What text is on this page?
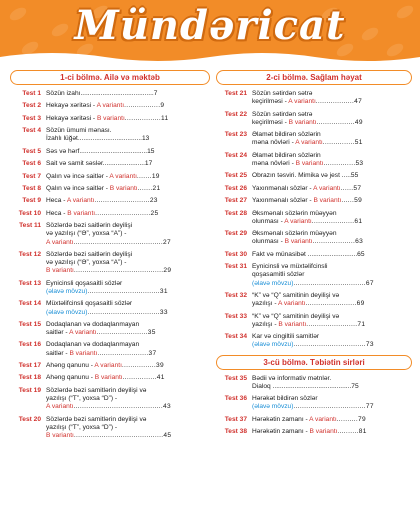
Mündəricat
1-ci bölmə. Ailə və məktəb
Test 1 Sözün izahı........................................7
Test 2 Hekayə xəritəsi - A variantı.................9
Test 3 Hekayə xəritəsi - B variantı.................11
Test 4 Sözün ümumi mənası.
İzahlı lüğət...................................13
Test 5 Səs və hərf.....................................15
Test 6 Sait və samit səslər.......................17
Test 7 Qalın və incə saitlər - A variantı.......19
Test 8 Qalın və incə saitlər - B variantı.......21
Test 9 Heca - A variantı..........................23
Test 10 Heca - B variantı..........................25
Test 11 Sözlərdə bəzi saitlərin deyilişi
və yazılışı (“Ə”, yoxsa “A”) -
A variantı..........................................27
Test 12 Sözlərdə bəzi saitlərin deyilişi
və yazılışı (“Ə”, yoxsa “A”) -
B variantı..........................................29
Test 13 Eynicinsli qoşasaitli sözlər
(əlavə mövzu)..................................31
Test 14 Müxtəlifcinsli qoşasaitli sözlər
(əlavə mövzu)..................................33
Test 15 Dodaqlanan və dodaqlanmayan
saitlər - A variantı........................35
Test 16 Dodaqlanan və dodaqlanmayan
saitlər - B variantı........................37
Test 17 Ahəng qanunu - A variantı................39
Test 18 Ahəng qanunu - B variantı................41
Test 19 Sözlərdə bəzi samitlərin deyilişi və
yazılışı (“T”, yoxsa “D”) -
A variantı..........................................43
Test 20 Sözlərdə bəzi samitlərin deyilişi və
yazılışı (“T”, yoxsa “D”) -
B variantı..........................................45
2-ci bölmə. Sağlam həyat
Test 21 Sözün sətirdən sətrə
keçirilməsi - A variantı..................47
Test 22 Sözün sətirdən sətrə
keçirilməsi - B variantı..................49
Test 23 Əlamət bildirən sözlərin
məna növləri - A variantı...............51
Test 24 Əlamət bildirən sözlərin
məna növləri - B variantı...............53
Test 25 Obrazın təsviri. Mimika və jest .....55
Test 26 Yaxınmənalı sözlər - A variantı......57
Test 27 Yaxınmənalı sözlər - B variantı......59
Test 28 Əksmənalı sözlərin müəyyən
olunması - A variantı....................61
Test 29 Əksmənalı sözlərin müəyyən
olunması - B variantı....................63
Test 30 Fakt və münasibət ...........................65
Test 31 Eynicinsli və müxtəlifcinsli
qoşasamitli sözlər
(əlavə mövzu)..................................67
Test 32 “K” və “Q” samitinin deyilişi və
yazılışı - A variantı........................69
Test 33 “K” və “Q” samitinin deyilişi və
yazılışı - B variantı........................71
Test 34 Kar və cingiltili samitlər
(əlavə mövzu)..................................73
3-cü bölmə. Təbiətin sirləri
Test 35 Bədii və informativ mətnlər.
Dialoq ...........................................75
Test 36 Hərəkət bildirən sözlər
(əlavə mövzu)..................................77
Test 37 Hərəkətin zamanı - A variantı..........79
Test 38 Hərəkətin zamanı - B variantı..........81
